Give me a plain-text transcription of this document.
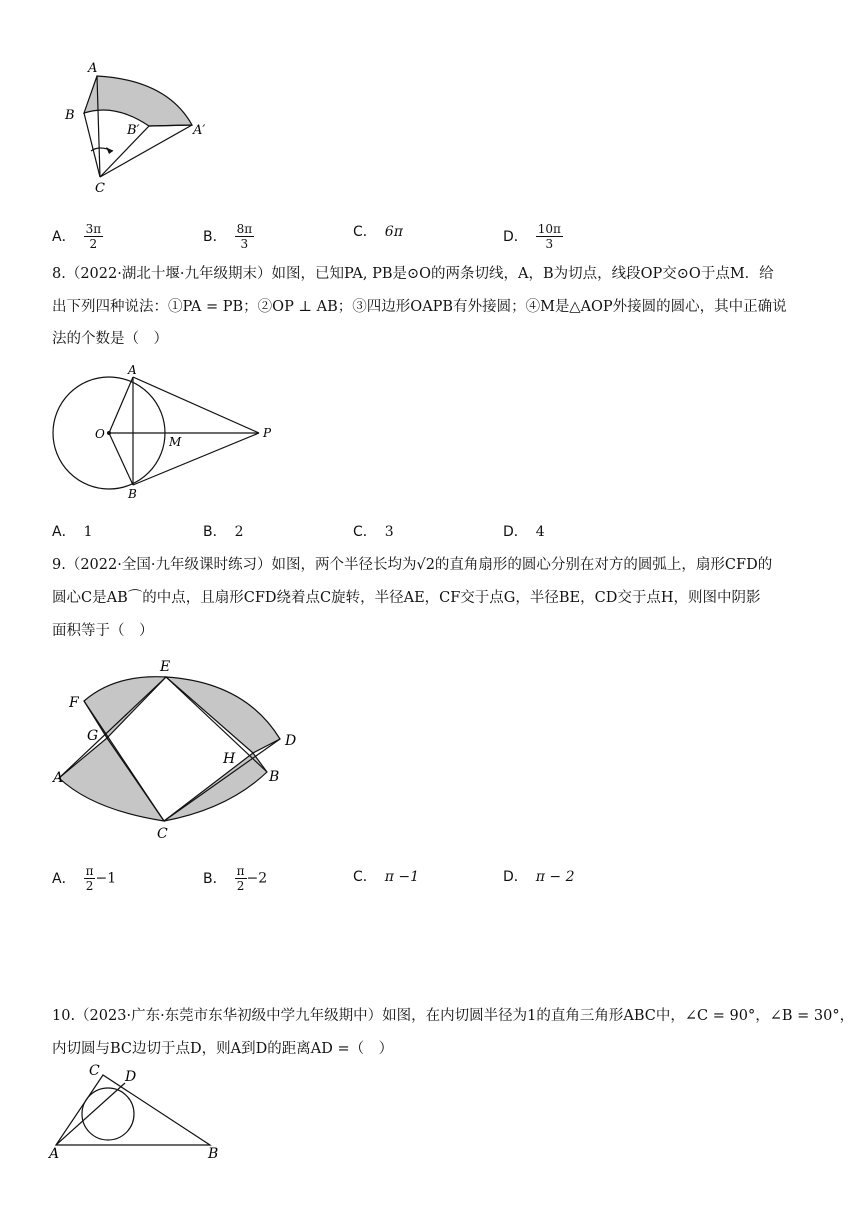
A
B
B′	A′
C
A． $\frac{3\pi}{2}$	B． $\frac{8\pi}{3}$	C． 6π	D． $\frac{10\pi}{3}$
8.（2022·湖北十堰·九年级期末）如图，已知PA, PB是⊙O的两条切线，A，B为切点，线段OP交⊙O于点M．给
出下列四种说法：①PA = PB；②OP ⊥ AB；③四边形OAPB有外接圆；④M是△AOP外接圆的圆心，其中正确说
法的个数是（　）
A
O
M
P
B
A． 1	B． 2	C． 3	D． 4
9.（2022·全国·九年级课时练习）如图，两个半径长均为√2的直角扇形的圆心分别在对方的圆弧上，扇形CFD的
圆心C是AB⌒的中点，且扇形CFD绕着点C旋转，半径AE，CF交于点G，半径BE，CD交于点H，则图中阴影
面积等于（　）
E
F
G	D
A
H
B
C
A． $\frac{\pi}{2} -1$	B． $\frac{\pi}{2} -2$	C． π −1	D． π − 2
10.（2023·广东·东莞市东华初级中学九年级期中）如图，在内切圆半径为1的直角三角形ABC中，∠C = 90°，∠B = 30°，
内切圆与BC边切于点D，则A到D的距离AD =（　）
C D
A	B
